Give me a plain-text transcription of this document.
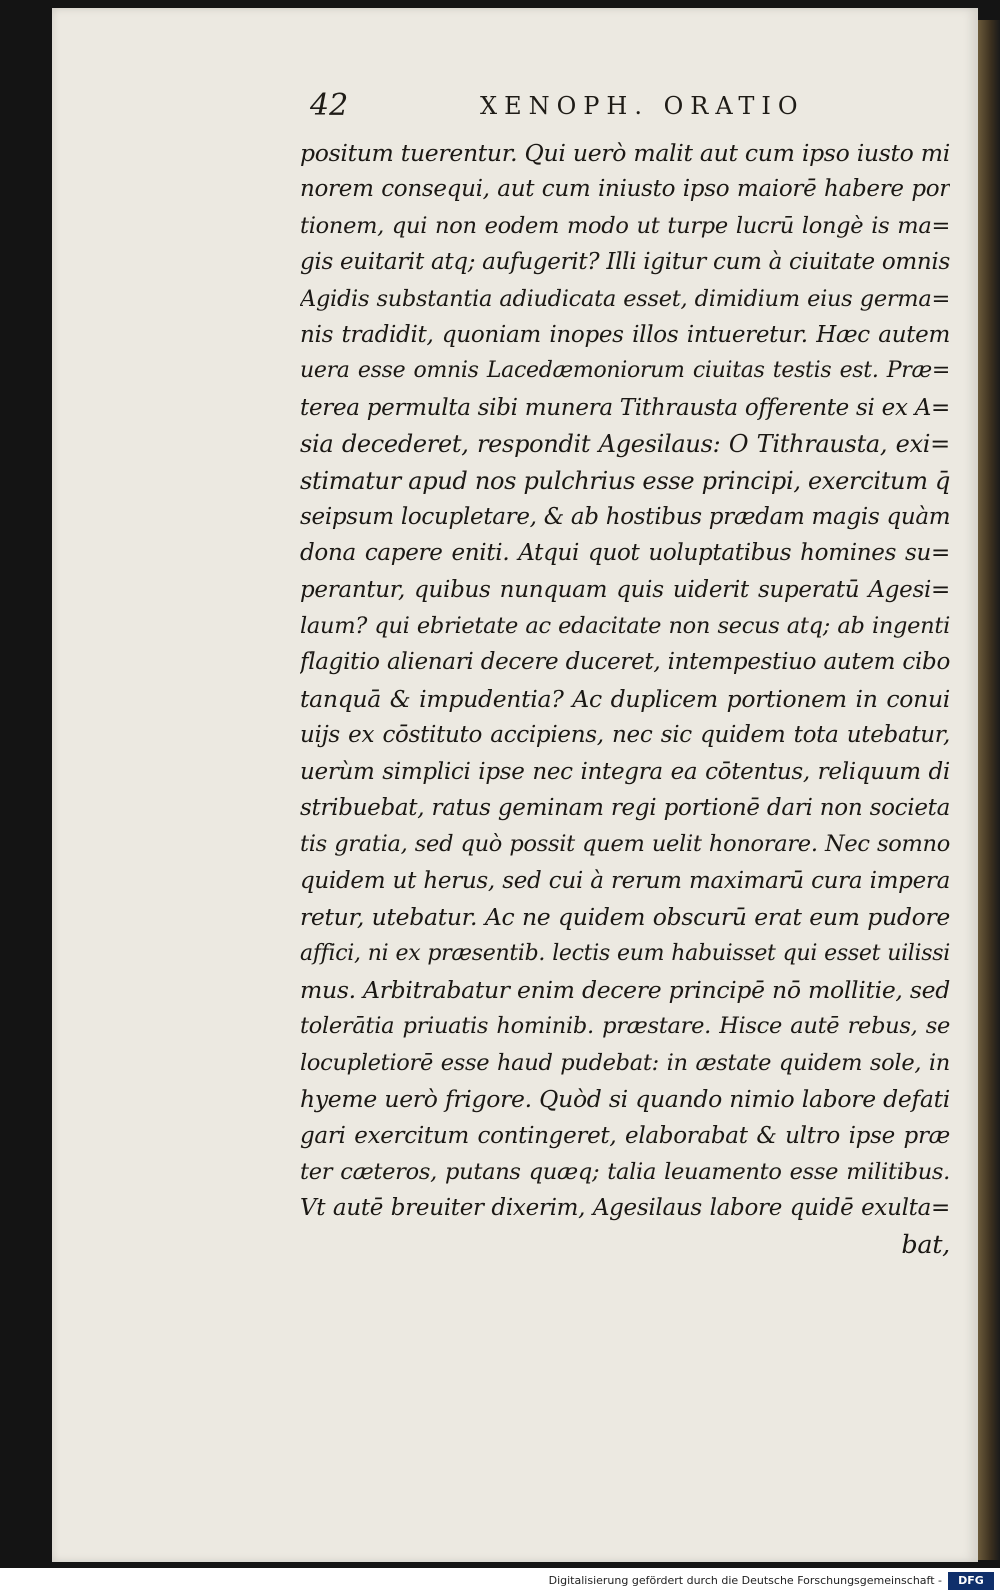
42	XENOPH. ORATIO
positum tuerentur. Qui uerò malit aut cum ipso iusto mi
norem consequi, aut cum iniusto ipso maiorē habere por
tionem, qui non eodem modo ut turpe lucrū longè is ma=
gis euitarit atq; aufugerit? Illi igitur cum à ciuitate omnis
Agidis substantia adiudicata esset, dimidium eius germa=
nis tradidit, quoniam inopes illos intueretur. Hæc autem
uera esse omnis Lacedæmoniorum ciuitas testis est. Præ=
terea permulta sibi munera Tithrausta offerente si ex A=
sia decederet, respondit Agesilaus: O Tithrausta, exi=
stimatur apud nos pulchrius esse principi, exercitum q̄
seipsum locupletare, & ab hostibus prædam magis quàm
dona capere eniti. Atqui quot uoluptatibus homines su=
perantur, quibus nunquam quis uiderit superatū Agesi=
laum? qui ebrietate ac edacitate non secus atq; ab ingenti
flagitio alienari decere duceret, intempestiuo autem cibo
tanquā & impudentia? Ac duplicem portionem in conui
uijs ex cōstituto accipiens, nec sic quidem tota utebatur,
uerùm simplici ipse nec integra ea cōtentus, reliquum di
stribuebat, ratus geminam regi portionē dari non societa
tis gratia, sed quò possit quem uelit honorare. Nec somno
quidem ut herus, sed cui à rerum maximarū cura impera
retur, utebatur. Ac ne quidem obscurū erat eum pudore
affici, ni ex præsentib. lectis eum habuisset qui esset uilissi
mus. Arbitrabatur enim decere principē nō mollitie, sed
tolerātia priuatis hominib. præstare. Hisce autē rebus, se
locupletiorē esse haud pudebat: in æstate quidem sole, in
hyeme uerò frigore. Quòd si quando nimio labore defati
gari exercitum contingeret, elaborabat & ultro ipse præ
ter cæteros, putans quæq; talia leuamento esse militibus.
Vt autē breuiter dixerim, Agesilaus labore quidē exulta=
bat,
Digitalisierung gefördert durch die Deutsche Forschungsgemeinschaft -	DFG
